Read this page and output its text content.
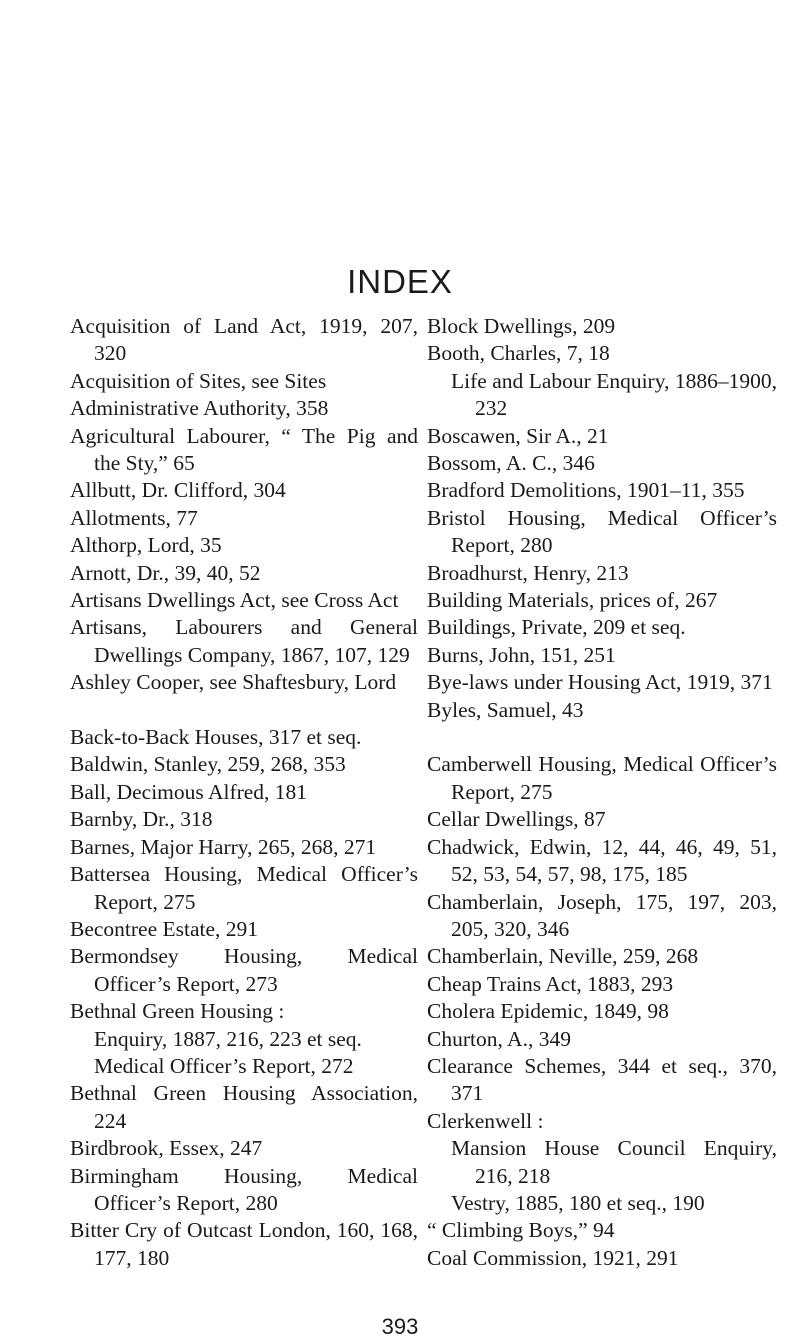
INDEX
Acquisition of Land Act, 1919, 207, 320
Acquisition of Sites, see Sites
Administrative Authority, 358
Agricultural Labourer, “ The Pig and the Sty,” 65
Allbutt, Dr. Clifford, 304
Allotments, 77
Althorp, Lord, 35
Arnott, Dr., 39, 40, 52
Artisans Dwellings Act, see Cross Act
Artisans, Labourers and General Dwellings Company, 1867, 107, 129
Ashley Cooper, see Shaftesbury, Lord
Back-to-Back Houses, 317 et seq.
Baldwin, Stanley, 259, 268, 353
Ball, Decimous Alfred, 181
Barnby, Dr., 318
Barnes, Major Harry, 265, 268, 271
Battersea Housing, Medical Officer’s Report, 275
Becontree Estate, 291
Bermondsey Housing, Medical Officer’s Report, 273
Bethnal Green Housing :
Enquiry, 1887, 216, 223 et seq.
Medical Officer’s Report, 272
Bethnal Green Housing Association, 224
Birdbrook, Essex, 247
Birmingham Housing, Medical Officer’s Report, 280
Bitter Cry of Outcast London, 160, 168, 177, 180
Block Dwellings, 209
Booth, Charles, 7, 18
Life and Labour Enquiry, 1886–1900, 232
Boscawen, Sir A., 21
Bossom, A. C., 346
Bradford Demolitions, 1901–11, 355
Bristol Housing, Medical Officer’s Report, 280
Broadhurst, Henry, 213
Building Materials, prices of, 267
Buildings, Private, 209 et seq.
Burns, John, 151, 251
Bye-laws under Housing Act, 1919, 371
Byles, Samuel, 43
Camberwell Housing, Medical Officer’s Report, 275
Cellar Dwellings, 87
Chadwick, Edwin, 12, 44, 46, 49, 51, 52, 53, 54, 57, 98, 175, 185
Chamberlain, Joseph, 175, 197, 203, 205, 320, 346
Chamberlain, Neville, 259, 268
Cheap Trains Act, 1883, 293
Cholera Epidemic, 1849, 98
Churton, A., 349
Clearance Schemes, 344 et seq., 370, 371
Clerkenwell :
Mansion House Council Enquiry, 216, 218
Vestry, 1885, 180 et seq., 190
“ Climbing Boys,” 94
Coal Commission, 1921, 291
393
